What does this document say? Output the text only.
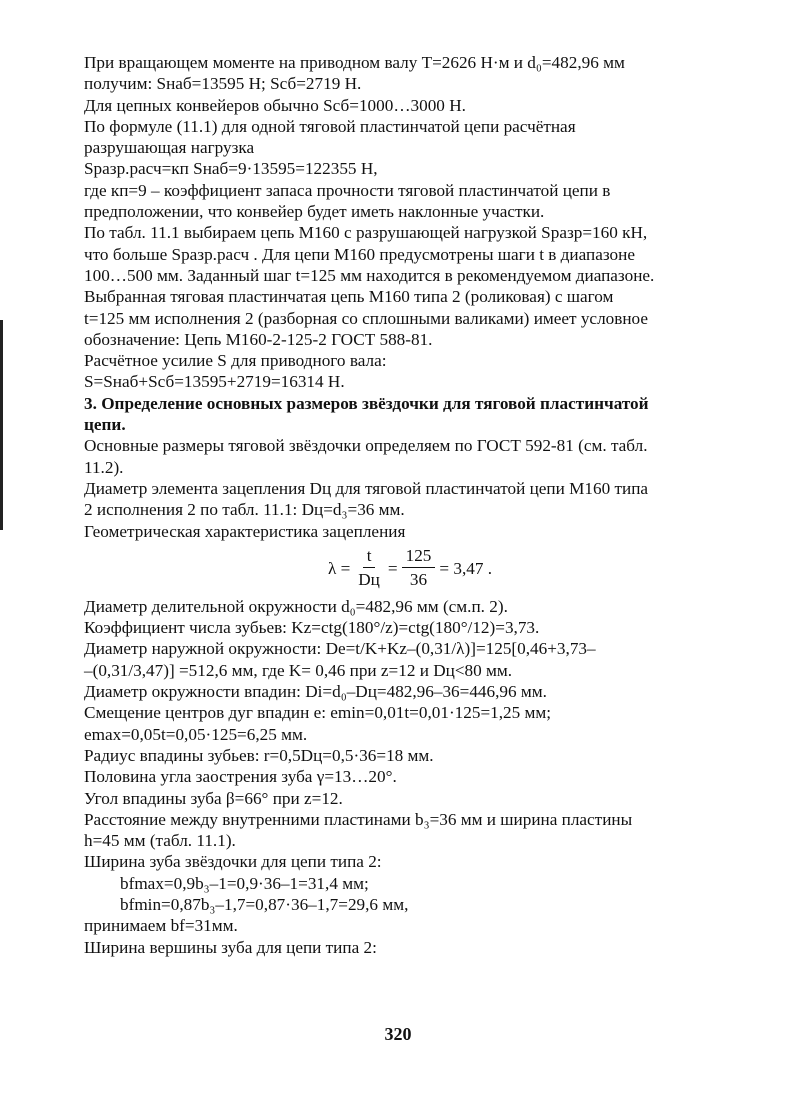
При вращающем моменте на приводном валу T=2626 Н·м и d₀=482,96 мм

получим: Sнаб=13595 Н; Sсб=2719 Н.

Для цепных конвейеров обычно Sсб=1000…3000 Н.

По формуле (11.1) для одной тяговой пластинчатой цепи расчётная

разрушающая нагрузка

Sразр.расч=кп Sнаб=9·13595=122355 Н,

где кп=9 – коэффициент запаса прочности тяговой пластинчатой цепи в

предположении, что конвейер будет иметь наклонные участки.

По табл. 11.1 выбираем цепь М160 с разрушающей нагрузкой Sразр=160 кН,

что больше Sразр.расч . Для цепи М160 предусмотрены шаги t в диапазоне

100…500 мм. Заданный шаг t=125 мм находится в рекомендуемом диапазоне.

Выбранная тяговая пластинчатая цепь М160 типа 2 (роликовая) с шагом

t=125 мм исполнения 2 (разборная со сплошными валиками) имеет условное

обозначение: Цепь М160-2-125-2 ГОСТ 588-81.

Расчётное усилие S для приводного вала:

S=Sнаб+Sсб=13595+2719=16314 Н.

3. Определение основных размеров звёздочки для тяговой пластинчатой

цепи.

Основные размеры тяговой звёздочки определяем по ГОСТ 592-81 (см. табл.

11.2).

Диаметр элемента зацепления Dц для тяговой пластинчатой цепи М160 типа

2 исполнения 2 по табл. 11.1: Dц=d₃=36 мм.

Геометрическая характеристика зацепления

$\lambda = \frac{t}{Dц} = \frac{125}{36} = 3,47$ .

Диаметр делительной окружности d₀=482,96 мм (см.п. 2).

Коэффициент числа зубьев: Kz=ctg(180°/z)=ctg(180°/12)=3,73.

Диаметр наружной окружности: De=t/K+Kz–(0,31/λ)]=125[0,46+3,73–

–(0,31/3,47)] =512,6 мм, где K= 0,46 при z=12 и Dц<80 мм.

Диаметр окружности впадин: Di=d₀–Dц=482,96–36=446,96 мм.

Смещение центров дуг впадин e: emin=0,01t=0,01·125=1,25 мм;

emax=0,05t=0,05·125=6,25 мм.

Радиус впадины зубьев: r=0,5Dц=0,5·36=18 мм.

Половина угла заострения зуба γ=13…20°.

Угол впадины зуба β=66° при z=12.

Расстояние между внутренними пластинами b₃=36 мм и ширина пластины

h=45 мм (табл. 11.1).

Ширина зуба звёздочки для цепи типа 2:

bfmax=0,9b₃–1=0,9·36–1=31,4 мм;

bfmin=0,87b₃–1,7=0,87·36–1,7=29,6 мм,

принимаем bf=31мм.

Ширина вершины зуба для цепи типа 2:

320
